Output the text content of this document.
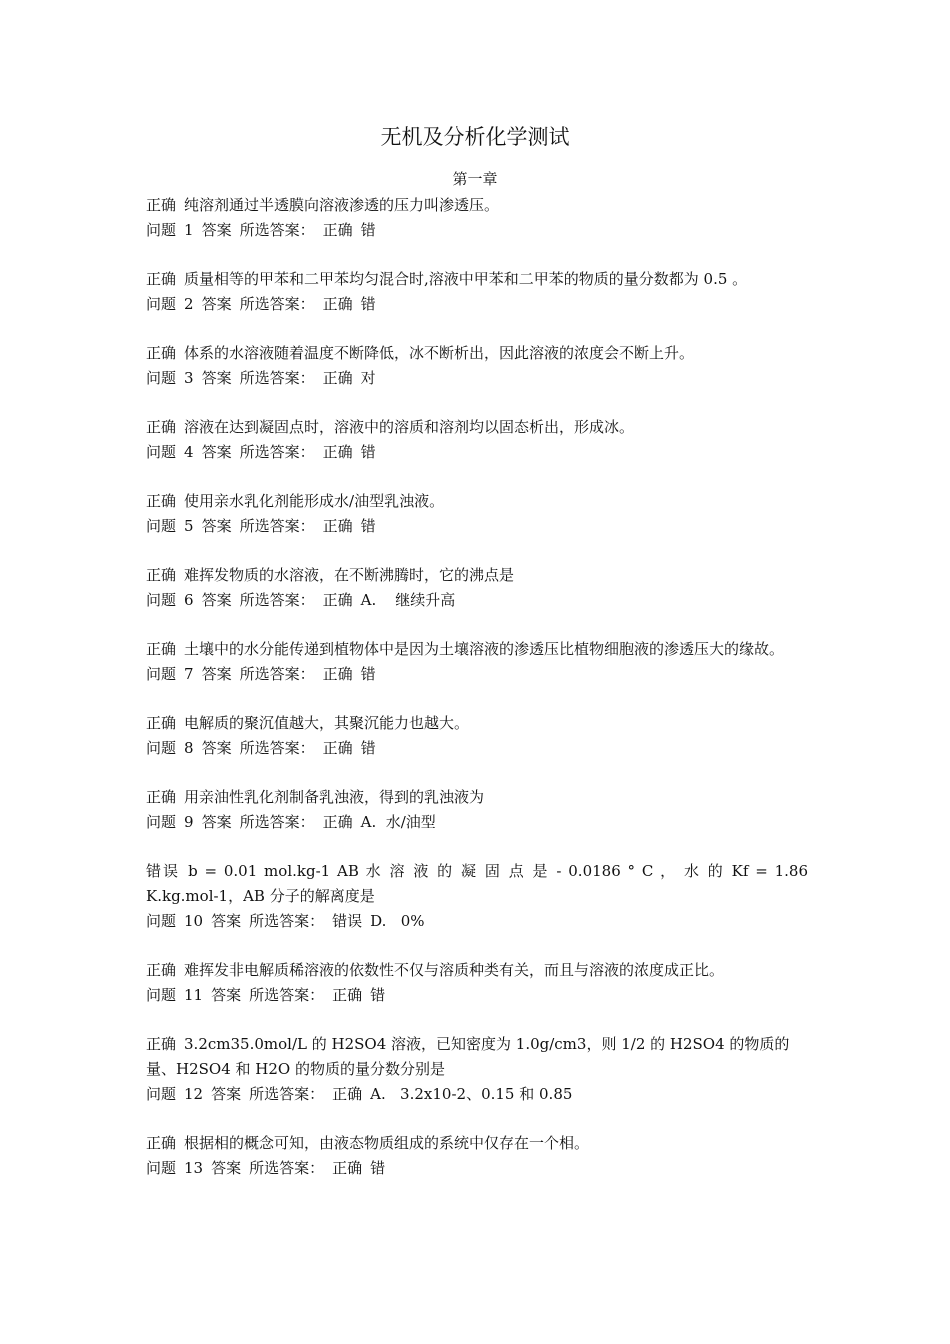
无机及分析化学测试
第一章
正确 纯溶剂通过半透膜向溶液渗透的压力叫渗透压。
问题 1 答案 所选答案： 正确 错
正确 质量相等的甲苯和二甲苯均匀混合时,溶液中甲苯和二甲苯的物质的量分数都为 0.5 。
问题 2 答案 所选答案： 正确 错
正确 体系的水溶液随着温度不断降低，冰不断析出，因此溶液的浓度会不断上升。
问题 3 答案 所选答案： 正确 对
正确 溶液在达到凝固点时，溶液中的溶质和溶剂均以固态析出，形成冰。
问题 4 答案 所选答案： 正确 错
正确 使用亲水乳化剂能形成水/油型乳浊液。
问题 5 答案 所选答案： 正确 错
正确 难挥发物质的水溶液，在不断沸腾时，它的沸点是
问题 6 答案 所选答案： 正确 A.    继续升高
正确 土壤中的水分能传递到植物体中是因为土壤溶液的渗透压比植物细胞液的渗透压大的缘故。
问题 7 答案 所选答案： 正确 错
正确 电解质的聚沉值越大，其聚沉能力也越大。
问题 8 答案 所选答案： 正确 错
正确 用亲油性乳化剂制备乳浊液，得到的乳浊液为
问题 9 答案 所选答案： 正确 A.  水/油型
错误 b = 0.01 mol.kg-1 AB 水 溶 液 的 凝 固 点 是 - 0.0186 ° C ， 水 的 Kf = 1.86
K.kg.mol-1，AB 分子的解离度是
问题 10 答案 所选答案： 错误 D.   0%
正确 难挥发非电解质稀溶液的依数性不仅与溶质种类有关，而且与溶液的浓度成正比。
问题 11 答案 所选答案： 正确 错
正确 3.2cm35.0mol/L 的 H2SO4 溶液，已知密度为 1.0g/cm3，则 1/2 的 H2SO4 的物质的量、H2SO4 和 H2O 的物质的量分数分别是
问题 12 答案 所选答案： 正确 A.   3.2x10-2、0.15 和 0.85
正确 根据相的概念可知，由液态物质组成的系统中仅存在一个相。
问题 13 答案 所选答案： 正确 错
